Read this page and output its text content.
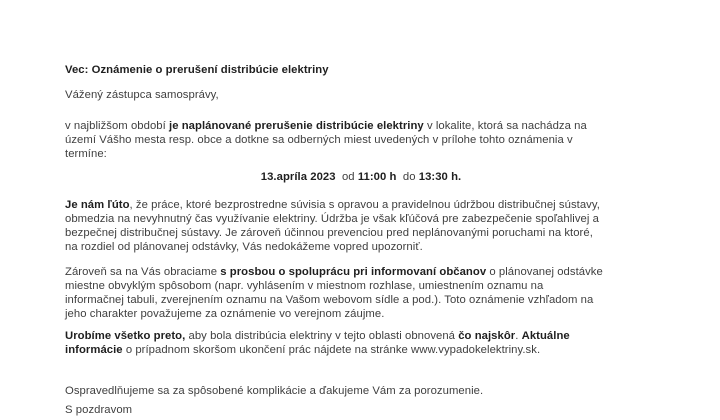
Vec: Oznámenie o prerušení distribúcie elektriny

Vážený zástupca samosprávy,

v najbližšom období je naplánované prerušenie distribúcie elektriny v lokalite, ktorá sa nachádza na
území Vášho mesta resp. obce a dotkne sa odberných miest uvedených v prílohe tohto oznámenia v
termíne:

13.apríla 2023  od 11:00 h  do 13:30 h.

Je nám ľúto, že práce, ktoré bezprostredne súvisia s opravou a pravidelnou údržbou distribučnej sústavy,
obmedzia na nevyhnutný čas využívanie elektriny. Údržba je však kľúčová pre zabezpečenie spoľahlivej a
bezpečnej distribučnej sústavy. Je zároveň účinnou prevenciou pred neplánovanými poruchami na ktoré,
na rozdiel od plánovanej odstávky, Vás nedokážeme vopred upozorniť.

Zároveň sa na Vás obraciame s prosbou o spoluprácu pri informovaní občanov o plánovanej odstávke
miestne obvyklým spôsobom (napr. vyhlásením v miestnom rozhlase, umiestnením oznamu na
informačnej tabuli, zverejnením oznamu na Vašom webovom sídle a pod.). Toto oznámenie vzhľadom na
jeho charakter považujeme za oznámenie vo verejnom záujme.

Urobíme všetko preto, aby bola distribúcia elektriny v tejto oblasti obnovená čo najskôr. Aktuálne
informácie o prípadnom skoršom ukončení prác nájdete na stránke www.vypadokelektriny.sk.

Ospravedlňujeme sa za spôsobené komplikácie a ďakujeme Vám za porozumenie.

S pozdravom
